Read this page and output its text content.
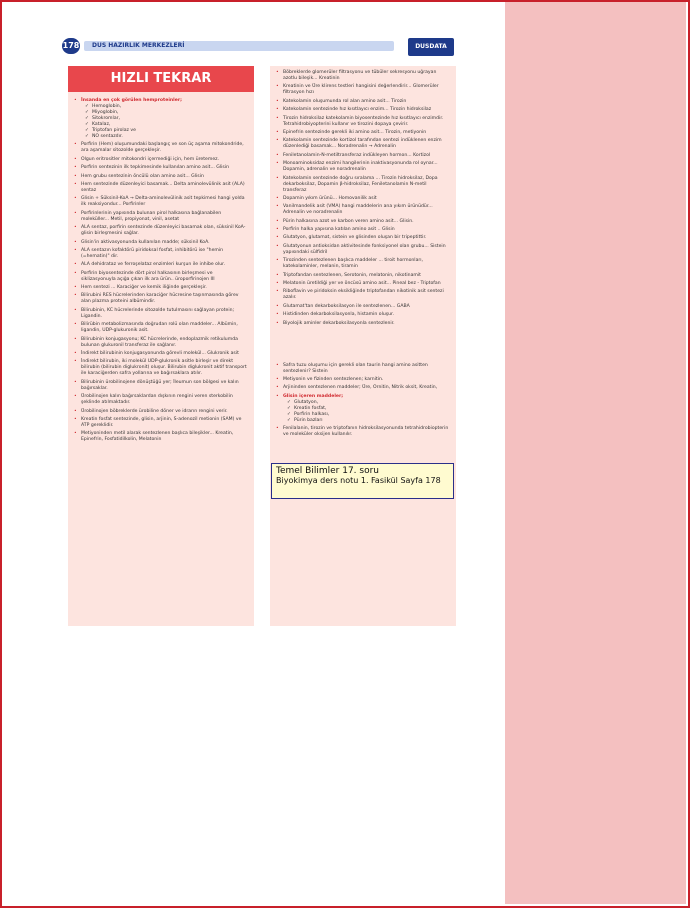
178 DUS HAZIRLIK MERKEZLERİ	DUSDATA
HIZLI TEKRAR
• İnsanda en çok görülen hemproteinler;
✓ Hemoglobin,
✓ Miyoglobin,
✓ Sitokromlar,
✓ Katalaz,
✓ Triptofan pirolaz ve
✓ NO sentazdır.
• Porfirin (Hem) oluşumundaki başlangıç ve son üç aşama mitokondride, ara aşamalar sitozolde gerçekleşir.
• Olgun eritrositler mitokondri içermediği için, hem üretemez.
• Porfirin sentezinin ilk tepkimesinde kullanılan amino asit... Glisin
• Hem grubu sentezinin öncülü olan amino asit... Glisin
• Hem sentezinde düzenleyici basamak... Delta aminolevülinik asit (ALA) sentaz
• Glisin + Süksinil-KoA → Delta-aminolevülinik asit tepkimesi hangi yolda ilk reaksiyondur... Porfirinler
• Porfirinlerinin yapısında bulunan pirol halkasına bağlanabilen moleküller... Metil, propiyonat, vinil, asetat
• ALA sentaz, porfirin sentezinde düzenleyici basamak olan, süksinil KoA-glisin birleşmesini sağlar.
• Glisin'in aktivasyonunda kullanılan madde; süksinil KoA.
• ALA sentazın kofaktörü piridoksal fosfat, inhibitörü ise "hemin (=hematin)" dir.
• ALA dehidrataz ve ferroşelataz enzimleri kurşun ile inhibe olur.
• Porfirin biyosentezinde dört pirol halkasının birleşmesi ve siklizasyonuyla açığa çıkan ilk ara ürün.. üroporfirinojen III
• Hem sentezi ... Karaciğer ve kemik iliğinde gerçekleşir.
• Bilirubini RES hücrelerinden karaciğer hücresine taşınmasında görev alan plazma proteini albümindir.
• Bilirubinin, KC hücrelerinde sitozolde tutulmasını sağlayan protein; Ligandin.
• Bilirübin metabolizmasında doğrudan rolü olan maddeler... Albümin, ligandin, UDP-glukuronik asit.
• Bilirubinin konjugasyonu; KC hücrelerinde, endoplazmik retikulumda bulunan glukuronil transferaz ile sağlanır.
• İndirekt bilirubinin konjugasyonunda görevli molekül... Glukronik asit
• İndirekt bilirubin, iki molekül UDP-glukronik asitle birleşir ve direkt bilirubin (bilirubin diglukronit) oluşur. Bilirubin diglukronit aktif transport ile karaciğerden safra yollarına ve bağırsaklara atılır.
• Bilirubinin ürobilinojene dönüştüğü yer; İleumun son bölgesi ve kalın bağırsaklar.
• Ürobilinojen kalın bağırsaklardan dışkının rengini veren sterkobilin şeklinde atılmaktadır.
• Ürobilinojen böbreklerde ürobiline döner ve idrarın rengini verir.
• Kreatin fosfat sentezinde, glisin, arjinin, S-adenozil metionin (SAM) ve ATP gereklidir.
• Metiyoninden metil alarak sentezlenen başlıca bileşikler... Kreatin, Epinefrin, Fosfatidilkolin, Melatonin
• Böbreklerde glomerüler filtrasyonu ve tübüler sekresyonu uğrayan azotlu bileşik... Kreatinin
• Kreatinin ve Üre klirens testleri hangisini değerlendirir... Glomerüler filtrasyon hızı
• Katekolamin oluşumunda rol alan amino asit... Tirozin
• Katekolamin sentezinde hız kısıtlayıcı enzim... Tirozin hidroksilaz
• Tirozin hidroksilaz katekolamin biyosentezinde hız kısıtlayıcı enzimdir. Tetrahidrobiyopterini kullanır ve tirozini dopaya çevirir.
• Epinefrin sentezinde gerekli iki amino asit... Tirozin, metiyonin
• Katekolamin sentezinde kortizol tarafından sentezi indüklenen enzim düzenlediği basamak... Noradrenalin → Adrenalin
• Feniletanolamin-N-metiltransferaz indükleyen hormon... Kortizol
• Monoaminoksidaz enzimi hangilerinin inaktivasyonunda rol oynar... Dopamin, adrenalin ve noradrenalin
• Katekolamin sentezinde doğru sıralama ... Tirozin hidroksilaz, Dopa dekarboksilaz, Dopamin β-hidroksilaz, Feniletanolamin N-metil transferaz
• Dopamin yıkım ürünü... Homovanilik asit
• Vanilmandelik asit (VMA) hangi maddelerin ana yıkım ürünüdür... Adrenalin ve noradrenalin
• Pürin halkasına azot ve karbon veren amino asit... Glisin.
• Porfirin halka yapısına katılan amino asit .. Glisin
• Glutatyon, glutamat, sistein ve glisinden oluşan bir tripeptittir.
• Glutatyonun antioksidan aktivitesinde fonksiyonel olan grubu... Sistein yapısındaki sülfidril
• Tirozinden sentezlenen başlıca maddeler ... tiroit hormonları, katekolaminler, melanin, tiramin
• Triptofandan sentezlenen, Serotonin, melatonin, nikotinamit
• Melatonin üretildiği yer ve öncüsü amino asit... Pineal bez - Triptofan
• Riboflavin ve piridoksin eksikliğinde triptofandan nikotinik asit sentezi azalır.
• Glutamat'tan dekarboksilasyon ile sentezlenen... GABA
• Histidinden dekarboksilasyonla, histamin oluşur.
• Biyolojik aminler dekarboksilasyonla sentezlenir.
• Safra tuzu oluşumu için gerekli olan taurin hangi amino asitten sentezlenir? Sistein
• Metiyonin ve fizinden sentezlenen; karnitin.
• Arjininden sentezlenen maddeler; Üre, Ornitin, Nitrik oksit, Kreatin,
• Glisin içeren maddeler;
✓ Glutatyon,
✓ Kreatin fosfat,
✓ Porfirin halkası,
✓ Pürin bazları
• Fenilalanin, tirozin ve triptofanın hidroksilasyonunda tetrahidrobiopterin ve moleküler oksijen kullanılır.
Temel Bilimler 17. soru
Biyokimya ders notu 1. Fasikül Sayfa 178
